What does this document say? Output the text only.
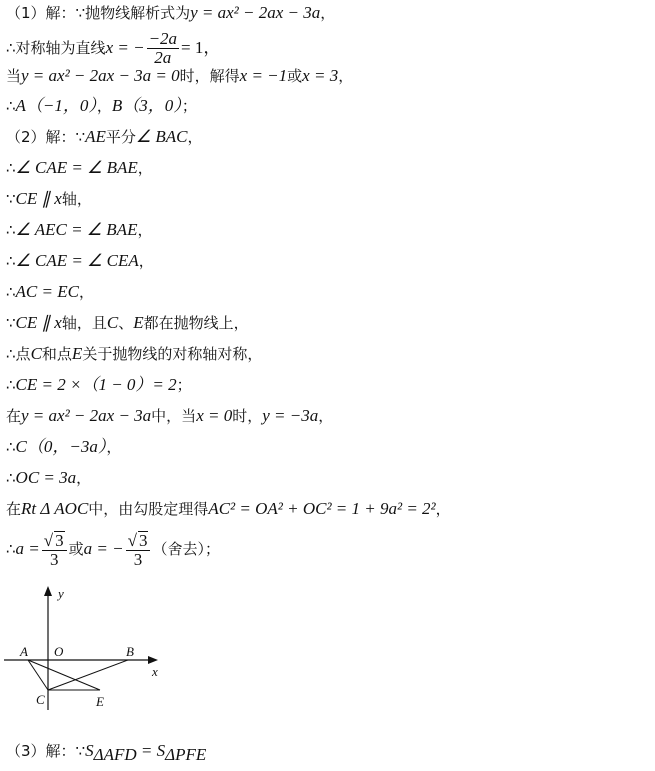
（1）解：∵抛物线解析式为y = ax² − 2ax − 3a，
∴对称轴为直线x = − $\frac{-2a}{2a} = 1$，
当y = ax² − 2ax − 3a = 0时，解得x = −1或x = 3，
∴A（−1，0），B（3，0）；
（2）解：∵AE平分∠ BAC，
∴∠ CAE = ∠ BAE，
∵CE ∥ x轴，
∴∠ AEC = ∠ BAE，
∴∠ CAE = ∠ CEA，
∴AC = EC，
∵CE ∥ x轴，且C、E都在抛物线上，
∴点C和点E关于抛物线的对称轴对称，
∴CE = 2 ×（1 − 0）= 2；
在y = ax² − 2ax − 3a中，当x = 0时，y = −3a，
∴C（0，−3a），
∴OC = 3a，
在Rt Δ AOC中，由勾股定理得AC² = OA² + OC² = 1 + 9a² = 2²，
∴a = $\frac{√ 3}{3}$ 或a = − $\frac{√ 3}{3}$ （舍去）；
y
x
A O	B
C	E
（3）解：$\because S_{\Delta AFD} = S_{\Delta PFE}$
